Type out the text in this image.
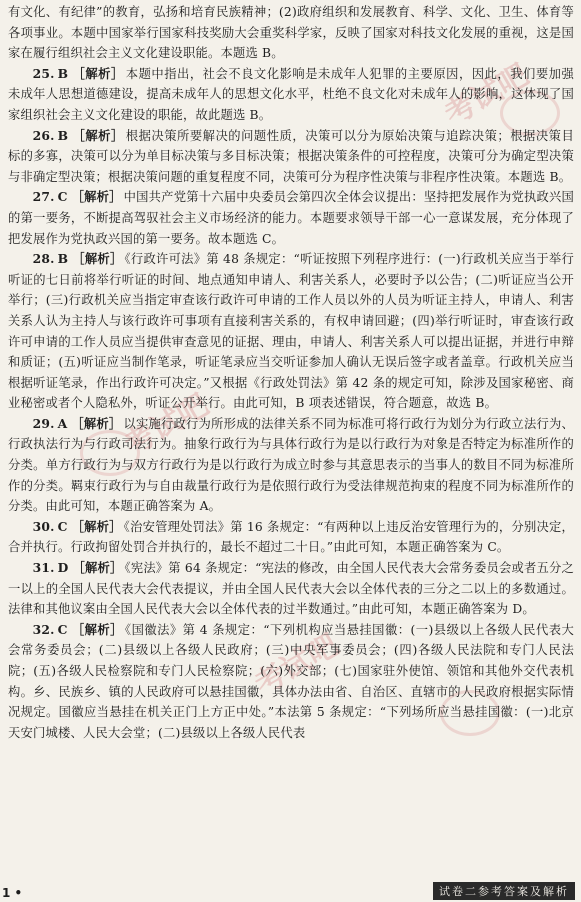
考试吧
考试吧
考试吧

有文化、有纪律”的教育，弘扬和培育民族精神；(2)政府组织和发展教育、科学、文化、卫生、体育等各项事业。本题中国家举行国家科技奖励大会重奖科学家，反映了国家对科技文化发展的重视，这是国家在履行组织社会主义文化建设职能。本题选 B。

25. B ［解析］ 本题中指出，社会不良文化影响是未成年人犯罪的主要原因，因此，我们要加强未成年人思想道德建设，提高未成年人的思想文化水平，杜绝不良文化对未成年人的影响，这体现了国家组织社会主义文化建设的职能，故此题选 B。

26. B ［解析］ 根据决策所要解决的问题性质，决策可以分为原始决策与追踪决策；根据决策目标的多寡，决策可以分为单目标决策与多目标决策；根据决策条件的可控程度，决策可分为确定型决策与非确定型决策；根据决策问题的重复程度不同，决策可分为程序性决策与非程序性决策。本题选 B。

27. C ［解析］ 中国共产党第十六届中央委员会第四次全体会议提出：坚持把发展作为党执政兴国的第一要务，不断提高驾驭社会主义市场经济的能力。本题要求领导干部一心一意谋发展，充分体现了把发展作为党执政兴国的第一要务。故本题选 C。

28. B ［解析］ 《行政许可法》第 48 条规定：“听证按照下列程序进行：(一)行政机关应当于举行听证的七日前将举行听证的时间、地点通知申请人、利害关系人，必要时予以公告；(二)听证应当公开举行；(三)行政机关应当指定审查该行政许可申请的工作人员以外的人员为听证主持人，申请人、利害关系人认为主持人与该行政许可事项有直接利害关系的，有权申请回避；(四)举行听证时，审查该行政许可申请的工作人员应当提供审查意见的证据、理由，申请人、利害关系人可以提出证据，并进行申辩和质证；(五)听证应当制作笔录，听证笔录应当交听证参加人确认无误后签字或者盖章。行政机关应当根据听证笔录，作出行政许可决定。”又根据《行政处罚法》第 42 条的规定可知，除涉及国家秘密、商业秘密或者个人隐私外，听证公开举行。由此可知，B 项表述错误，符合题意，故选 B。

29. A ［解析］ 以实施行政行为所形成的法律关系不同为标准可将行政行为划分为行政立法行为、行政执法行为与行政司法行为。抽象行政行为与具体行政行为是以行政行为对象是否特定为标准所作的分类。单方行政行为与双方行政行为是以行政行为成立时参与其意思表示的当事人的数目不同为标准所作的分类。羁束行政行为与自由裁量行政行为是依照行政行为受法律规范拘束的程度不同为标准所作的分类。由此可知，本题正确答案为 A。

30. C ［解析］ 《治安管理处罚法》第 16 条规定：“有两种以上违反治安管理行为的，分别决定，合并执行。行政拘留处罚合并执行的，最长不超过二十日。”由此可知，本题正确答案为 C。

31. D ［解析］ 《宪法》第 64 条规定：“宪法的修改，由全国人民代表大会常务委员会或者五分之一以上的全国人民代表大会代表提议，并由全国人民代表大会以全体代表的三分之二以上的多数通过。法律和其他议案由全国人民代表大会以全体代表的过半数通过。”由此可知，本题正确答案为 D。

32. C ［解析］ 《国徽法》第 4 条规定：“下列机构应当悬挂国徽：(一)县级以上各级人民代表大会常务委员会；(二)县级以上各级人民政府；(三)中央军事委员会；(四)各级人民法院和专门人民法院；(五)各级人民检察院和专门人民检察院；(六)外交部；(七)国家驻外使馆、领馆和其他外交代表机构。乡、民族乡、镇的人民政府可以悬挂国徽，具体办法由省、自治区、直辖市的人民政府根据实际情况规定。国徽应当悬挂在机关正门上方正中处。”本法第 5 条规定：“下列场所应当悬挂国徽：(一)北京天安门城楼、人民大会堂；(二)县级以上各级人民代表

1 •	试卷二参考答案及解析
